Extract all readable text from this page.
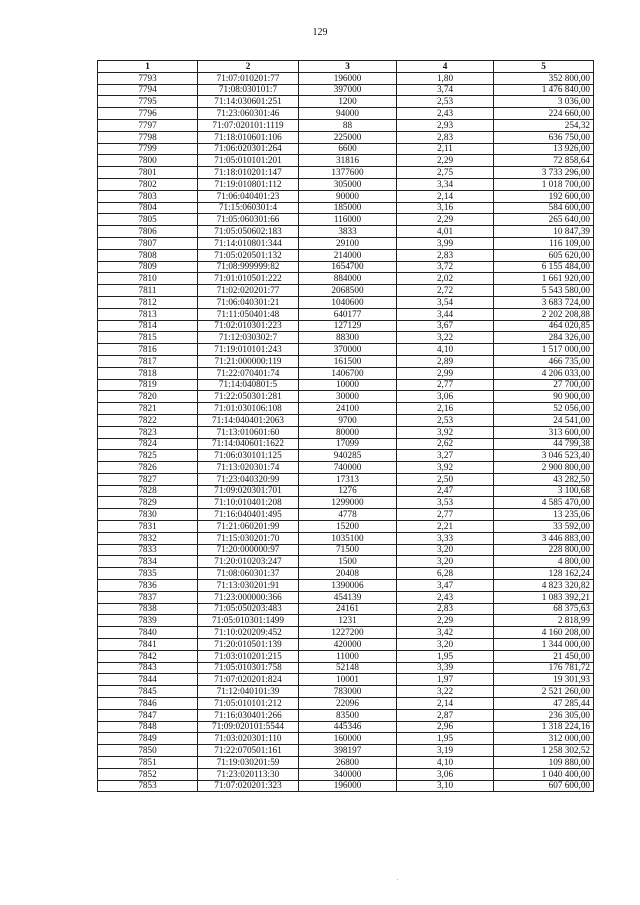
129
1	2	3	4	5
7793	71:07:010201:77	196000	1,80	352 800,00
7794	71:08:030101:7	397000	3,74	1 476 840,00
7795	71:14:030601:251	1200	2,53	3 036,00
7796	71:23:060301:46	94000	2,43	224 660,00
7797	71:07:020101:1119	88	2,93	254,32
7798	71:18:010601:106	225000	2,83	636 750,00
7799	71:06:020301:264	6600	2,11	13 926,00
7800	71:05:010101:201	31816	2,29	72 858,64
7801	71:18:010201:147	1377600	2,75	3 733 296,00
7802	71:19:010801:112	305000	3,34	1 018 700,00
7803	71:06:040401:23	90000	2,14	192 600,00
7804	71:15:060301:4	185000	3,16	584 600,00
7805	71:05:060301:66	116000	2,29	265 640,00
7806	71:05:050602:183	3833	4,01	10 847,39
7807	71:14:010801:344	29100	3,99	116 109,00
7808	71:05:020501:132	214000	2,83	605 620,00
7809	71:08:999999:82	1654700	3,72	6 155 484,00
7810	71:01:010501:222	884000	2,02	1 661 920,00
7811	71:02:020201:77	2068500	2,72	5 543 580,00
7812	71:06:040301:21	1040600	3,54	3 683 724,00
7813	71:11:050401:48	640177	3,44	2 202 208,88
7814	71:02:010301:223	127129	3,67	464 020,85
7815	71:12:030302:7	88300	3,22	284 326,00
7816	71:19:010101:243	370000	4,10	1 517 000,00
7817	71:21:000000:119	161500	2,89	466 735,00
7818	71:22:070401:74	1406700	2,99	4 206 033,00
7819	71:14:040801:5	10000	2,77	27 700,00
7820	71:22:050301:281	30000	3,06	90 900,00
7821	71:01:030106:108	24100	2,16	52 056,00
7822	71:14:040401:2063	9700	2,53	24 541,00
7823	71:13:010601:60	80000	3,92	313 600,00
7824	71:14:040601:1622	17099	2,62	44 799,38
7825	71:06:030101:125	940285	3,27	3 046 523,40
7826	71:13:020301:74	740000	3,92	2 900 800,00
7827	71:23:040320:99	17313	2,50	43 282,50
7828	71:09:020301:701	1276	2,47	3 100,68
7829	71:10:010401:208	1299000	3,53	4 585 470,00
7830	71:16:040401:495	4778	2,77	13 235,06
7831	71:21:060201:99	15200	2,21	33 592,00
7832	71:15:030201:70	1035100	3,33	3 446 883,00
7833	71:20:000000:97	71500	3,20	228 800,00
7834	71:20:010203:247	1500	3,20	4 800,00
7835	71:08:060301:37	20408	6,28	128 162,24
7836	71:13:030201:91	1390006	3,47	4 823 320,82
7837	71:23:000000:366	454139	2,43	1 083 392,21
7838	71:05:050203:483	24161	2,83	68 375,63
7839	71:05:010301:1499	1231	2,29	2 818,99
7840	71:10:020209:452	1227200	3,42	4 160 208,00
7841	71:20:010501:139	420000	3,20	1 344 000,00
7842	71:03:010201:215	11000	1,95	21 450,00
7843	71:05:010301:758	52148	3,39	176 781,72
7844	71:07:020201:824	10001	1,97	19 301,93
7845	71:12:040101:39	783000	3,22	2 521 260,00
7846	71:05:010101:212	22096	2,14	47 285,44
7847	71:16:030401:266	83500	2,87	236 305,00
7848	71:09:020101:5544	445346	2,96	1 318 224,16
7849	71:03:020301:110	160000	1,95	312 000,00
7850	71:22:070501:161	398197	3,19	1 258 302,52
7851	71:19:030201:59	26800	4,10	109 880,00
7852	71:23:020113:30	340000	3,06	1 040 400,00
7853	71:07:020201:323	196000	3,10	607 600,00
.
